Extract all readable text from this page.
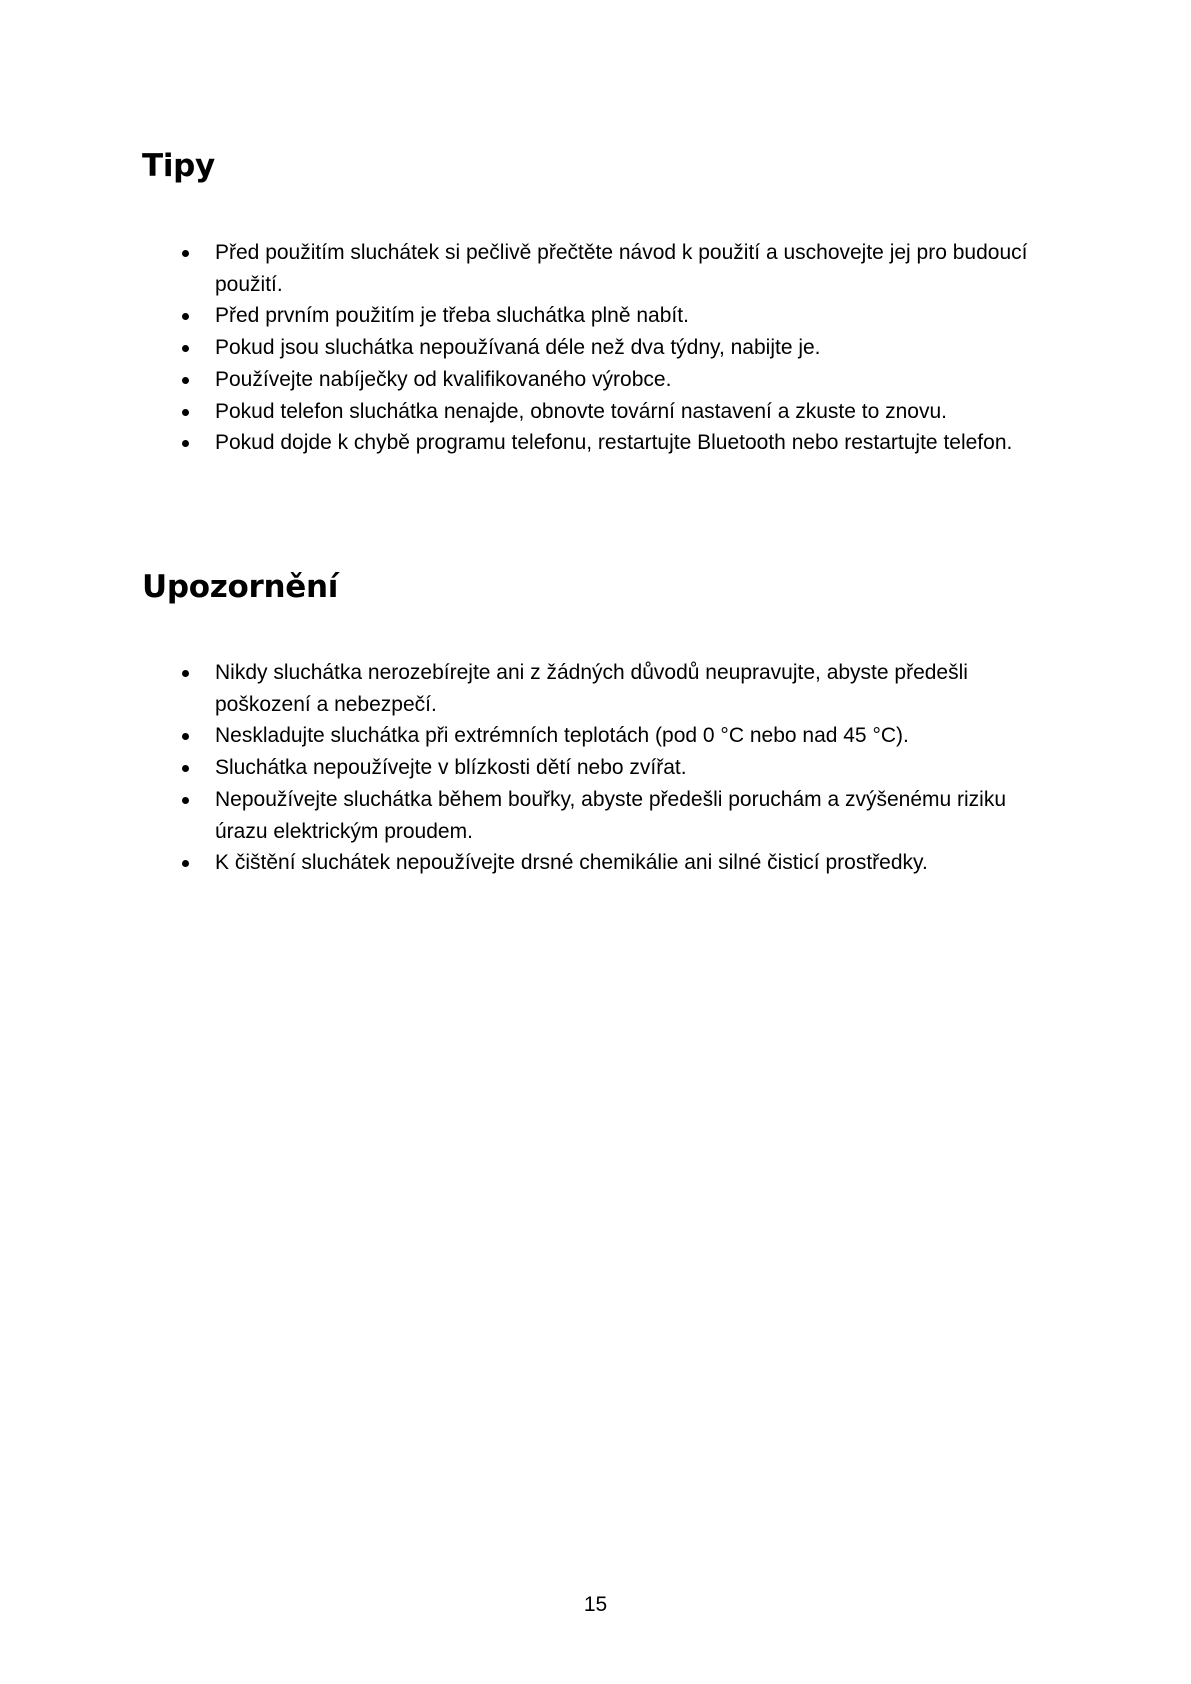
Tipy
Před použitím sluchátek si pečlivě přečtěte návod k použití a uschovejte jej pro budoucí použití.
Před prvním použitím je třeba sluchátka plně nabít.
Pokud jsou sluchátka nepoužívaná déle než dva týdny, nabijte je.
Používejte nabíječky od kvalifikovaného výrobce.
Pokud telefon sluchátka nenajde, obnovte tovární nastavení a zkuste to znovu.
Pokud dojde k chybě programu telefonu, restartujte Bluetooth nebo restartujte telefon.
Upozornění
Nikdy sluchátka nerozebírejte ani z žádných důvodů neupravujte, abyste předešli poškození a nebezpečí.
Neskladujte sluchátka při extrémních teplotách (pod 0 °C nebo nad 45 °C).
Sluchátka nepoužívejte v blízkosti dětí nebo zvířat.
Nepoužívejte sluchátka během bouřky, abyste předešli poruchám a zvýšenému riziku úrazu elektrickým proudem.
K čištění sluchátek nepoužívejte drsné chemikálie ani silné čisticí prostředky.
15
